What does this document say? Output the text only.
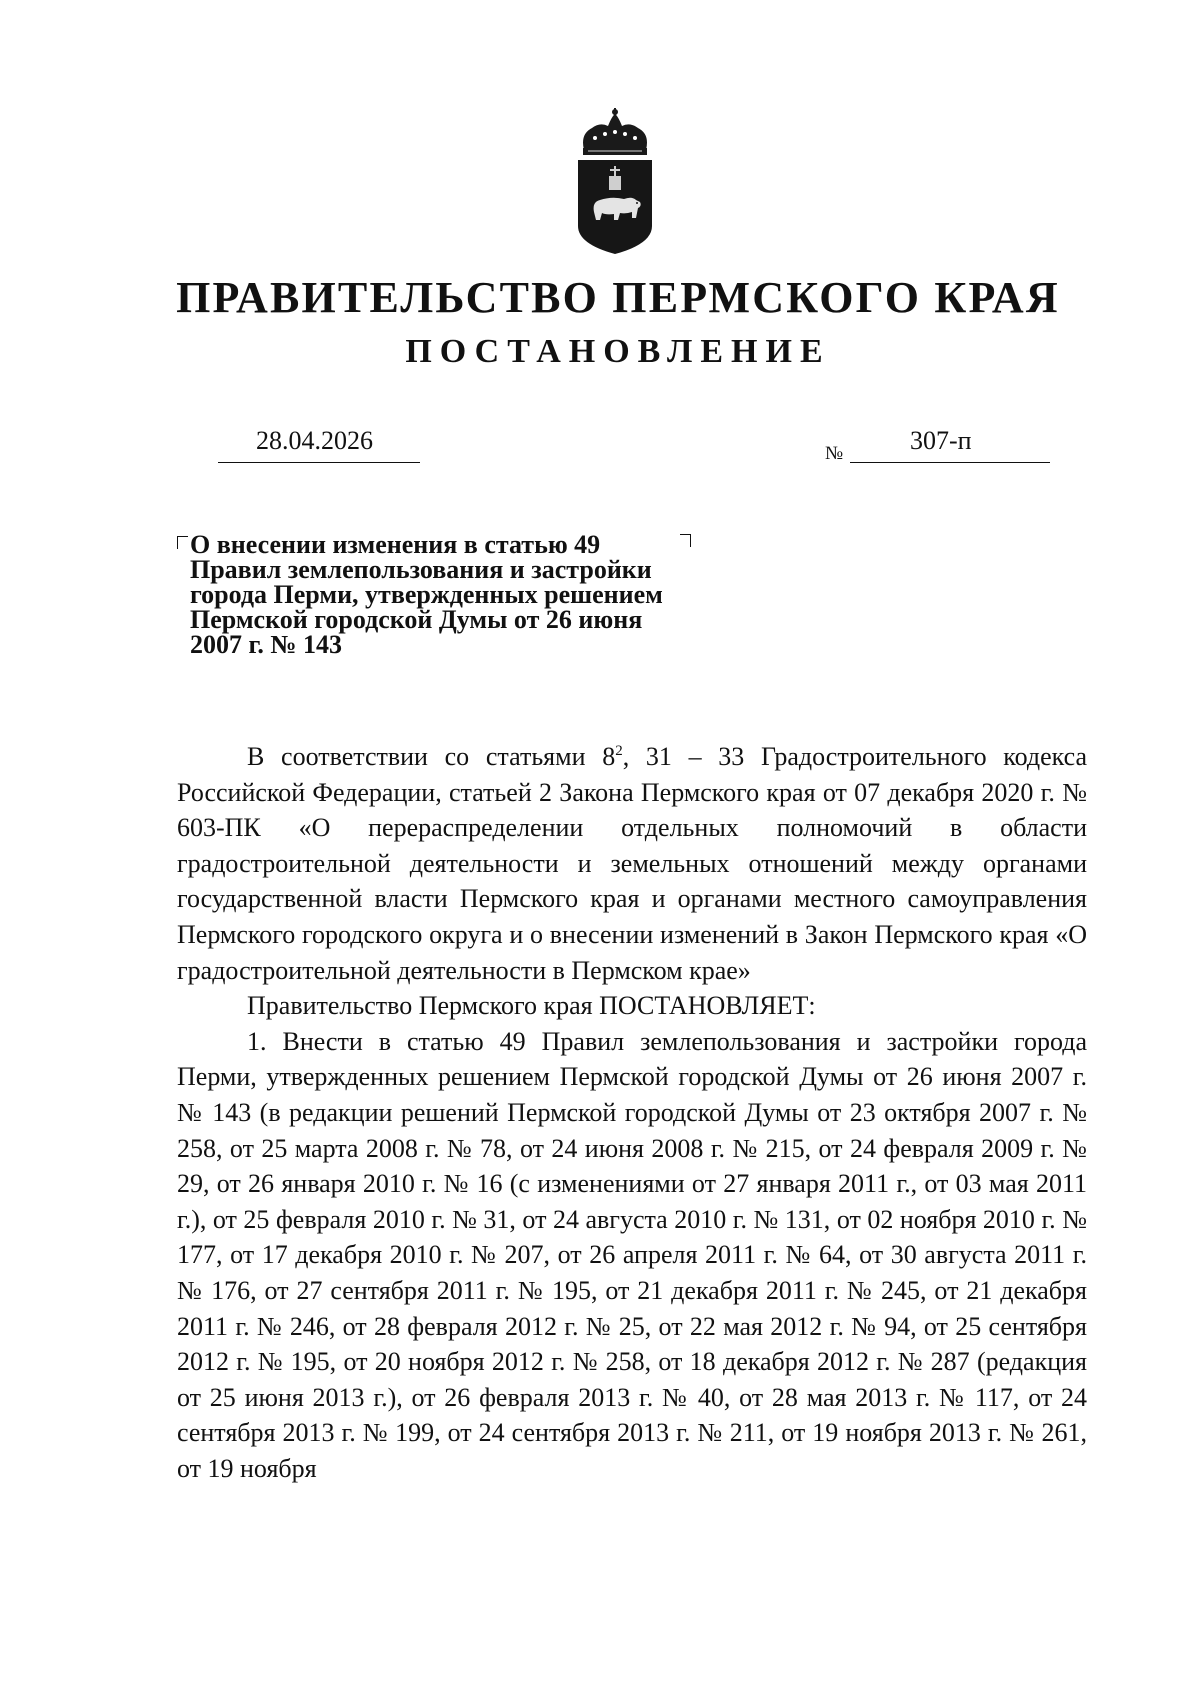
ПРАВИТЕЛЬСТВО ПЕРМСКОГО КРАЯ
ПОСТАНОВЛЕНИЕ
28.04.2026	№	307-п
О внесении изменения в статью 49
Правил землепользования и застройки
города Перми, утвержденных решением
Пермской городской Думы от 26 июня
2007 г. № 143

В соответствии со статьями $8^2$, 31 – 33 Градостроительного кодекса Российской Федерации, статьей 2 Закона Пермского края от 07 декабря 2020 г. № 603-ПК «О перераспределении отдельных полномочий в области градостроительной деятельности и земельных отношений между органами государственной власти Пермского края и органами местного самоуправления Пермского городского округа и о внесении изменений в Закон Пермского края «О градостроительной деятельности в Пермском крае»

Правительство Пермского края ПОСТАНОВЛЯЕТ:

1. Внести в статью 49 Правил землепользования и застройки города Перми, утвержденных решением Пермской городской Думы от 26 июня 2007 г. № 143 (в редакции решений Пермской городской Думы от 23 октября 2007 г. № 258, от 25 марта 2008 г. № 78, от 24 июня 2008 г. № 215, от 24 февраля 2009 г. № 29, от 26 января 2010 г. № 16 (с изменениями от 27 января 2011 г., от 03 мая 2011 г.), от 25 февраля 2010 г. № 31, от 24 августа 2010 г. № 131, от 02 ноября 2010 г. № 177, от 17 декабря 2010 г. № 207, от 26 апреля 2011 г. № 64, от 30 августа 2011 г. № 176, от 27 сентября 2011 г. № 195, от 21 декабря 2011 г. № 245, от 21 декабря 2011 г. № 246, от 28 февраля 2012 г. № 25, от 22 мая 2012 г. № 94, от 25 сентября 2012 г. № 195, от 20 ноября 2012 г. № 258, от 18 декабря 2012 г. № 287 (редакция от 25 июня 2013 г.), от 26 февраля 2013 г. № 40, от 28 мая 2013 г. № 117, от 24 сентября 2013 г. № 199, от 24 сентября 2013 г. № 211, от 19 ноября 2013 г. № 261, от 19 ноября
